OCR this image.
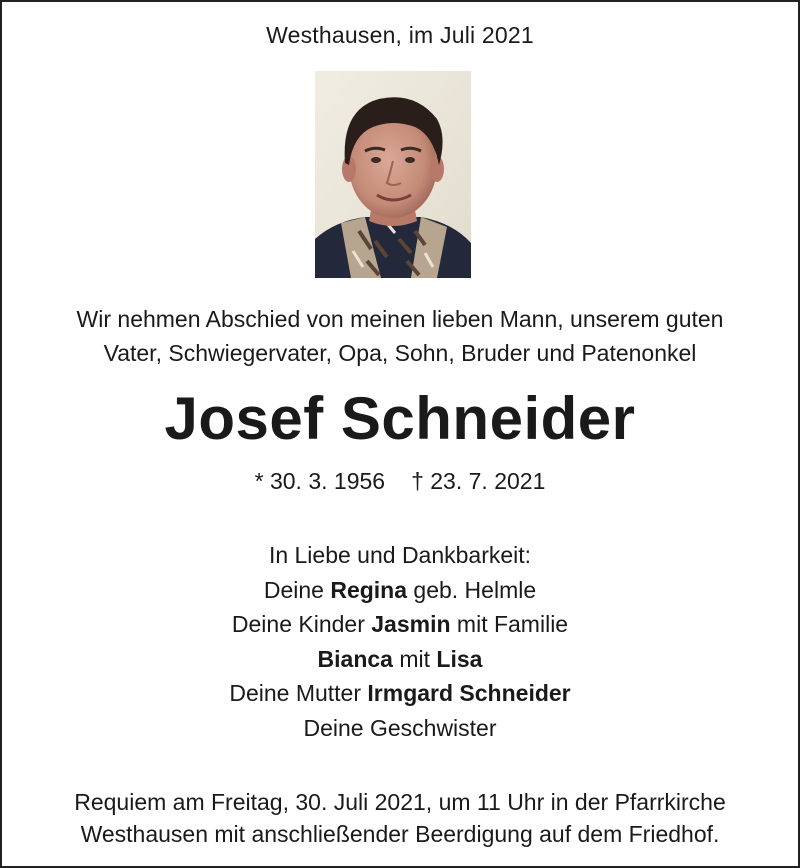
Westhausen, im Juli 2021
Wir nehmen Abschied von meinen lieben Mann, unserem guten
Vater, Schwiegervater, Opa, Sohn, Bruder und Patenonkel
Josef Schneider
* 30. 3. 1956 † 23. 7. 2021
In Liebe und Dankbarkeit:
Deine Regina geb. Helmle
Deine Kinder Jasmin mit Familie
Bianca mit Lisa
Deine Mutter Irmgard Schneider
Deine Geschwister
Requiem am Freitag, 30. Juli 2021, um 11 Uhr in der Pfarrkirche
Westhausen mit anschließender Beerdigung auf dem Friedhof.
